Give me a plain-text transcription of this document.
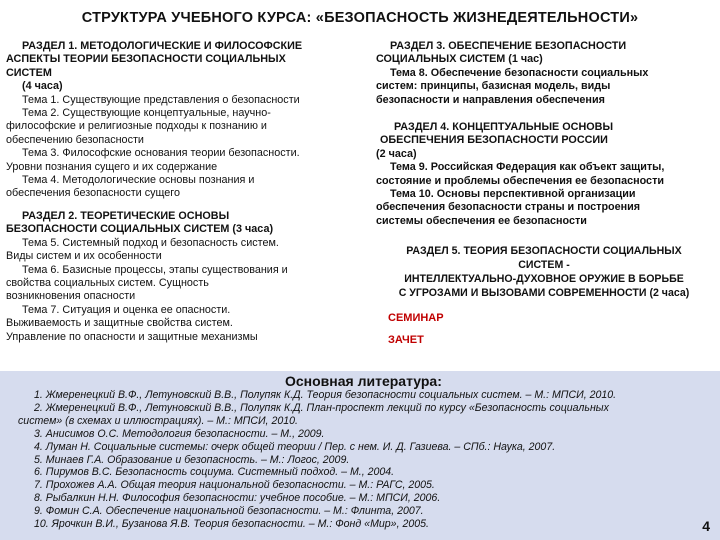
СТРУКТУРА УЧЕБНОГО КУРСА: «БЕЗОПАСНОСТЬ ЖИЗНЕДЕЯТЕЛЬНОСТИ»
РАЗДЕЛ 1. МЕТОДОЛОГИЧЕСКИЕ И ФИЛОСОФСКИЕ
АСПЕКТЫ ТЕОРИИ БЕЗОПАСНОСТИ СОЦИАЛЬНЫХ
СИСТЕМ
(4 часа)
Тема 1. Существующие представления о безопасности
Тема 2. Существующие концептуальные, научно-
философские и религиозные подходы к познанию и
обеспечению безопасности
Тема 3. Философские основания теории безопасности.
Уровни познания сущего и их содержание
Тема 4. Методологические основы познания и
обеспечения безопасности сущего
РАЗДЕЛ 2. ТЕОРЕТИЧЕСКИЕ ОСНОВЫ
БЕЗОПАСНОСТИ СОЦИАЛЬНЫХ СИСТЕМ (3 часа)
Тема 5. Системный подход и безопасность систем.
Виды систем и их особенности
Тема 6. Базисные процессы, этапы существования и
свойства социальных систем. Сущность
возникновения опасности
Тема 7. Ситуация и оценка ее опасности.
Выживаемость и защитные свойства систем.
Управление по опасности и защитные механизмы
РАЗДЕЛ 3. ОБЕСПЕЧЕНИЕ БЕЗОПАСНОСТИ
СОЦИАЛЬНЫХ СИСТЕМ (1 час)
Тема 8. Обеспечение безопасности социальных
систем: принципы, базисная модель, виды
безопасности и направления обеспечения
РАЗДЕЛ 4. КОНЦЕПТУАЛЬНЫЕ ОСНОВЫ
ОБЕСПЕЧЕНИЯ БЕЗОПАСНОСТИ РОССИИ
(2 часа)
Тема 9. Российская Федерация как объект защиты,
состояние и проблемы обеспечения ее безопасности
Тема 10. Основы перспективной организации
обеспечения безопасности страны и построения
системы обеспечения ее безопасности
РАЗДЕЛ 5. ТЕОРИЯ БЕЗОПАСНОСТИ СОЦИАЛЬНЫХ
СИСТЕМ -
ИНТЕЛЛЕКТУАЛЬНО-ДУХОВНОЕ ОРУЖИЕ В БОРЬБЕ
С УГРОЗАМИ И ВЫЗОВАМИ СОВРЕМЕННОСТИ (2 часа)
СЕМИНАР
ЗАЧЕТ
Основная литература:
1. Жмеренецкий В.Ф., Летуновский В.В., Полупяк К.Д. Теория безопасности социальных систем. – М.: МПСИ, 2010.
2. Жмеренецкий В.Ф., Летуновский В.В., Полупяк К.Д. План-проспект лекций по курсу «Безопасность социальных
систем» (в схемах и иллюстрациях). – М.: МПСИ, 2010.
3. Анисимов О.С. Методология безопасности. – М., 2009.
4. Луман Н. Социальные системы: очерк общей теории / Пер. с нем. И. Д. Газиева. – СПб.: Наука, 2007.
5. Минаев Г.А. Образование и безопасность. – М.: Логос, 2009.
6. Пирумов В.С. Безопасность социума. Системный подход. – М., 2004.
7. Прохожев А.А. Общая теория национальной безопасности. – М.: РАГС, 2005.
8. Рыбалкин Н.Н. Философия безопасности: учебное пособие. – М.: МПСИ, 2006.
9. Фомин С.А. Обеспечение национальной безопасности. – М.: Флинта, 2007.
10. Ярочкин В.И., Бузанова Я.В. Теория безопасности. – М.: Фонд «Мир», 2005.	4
